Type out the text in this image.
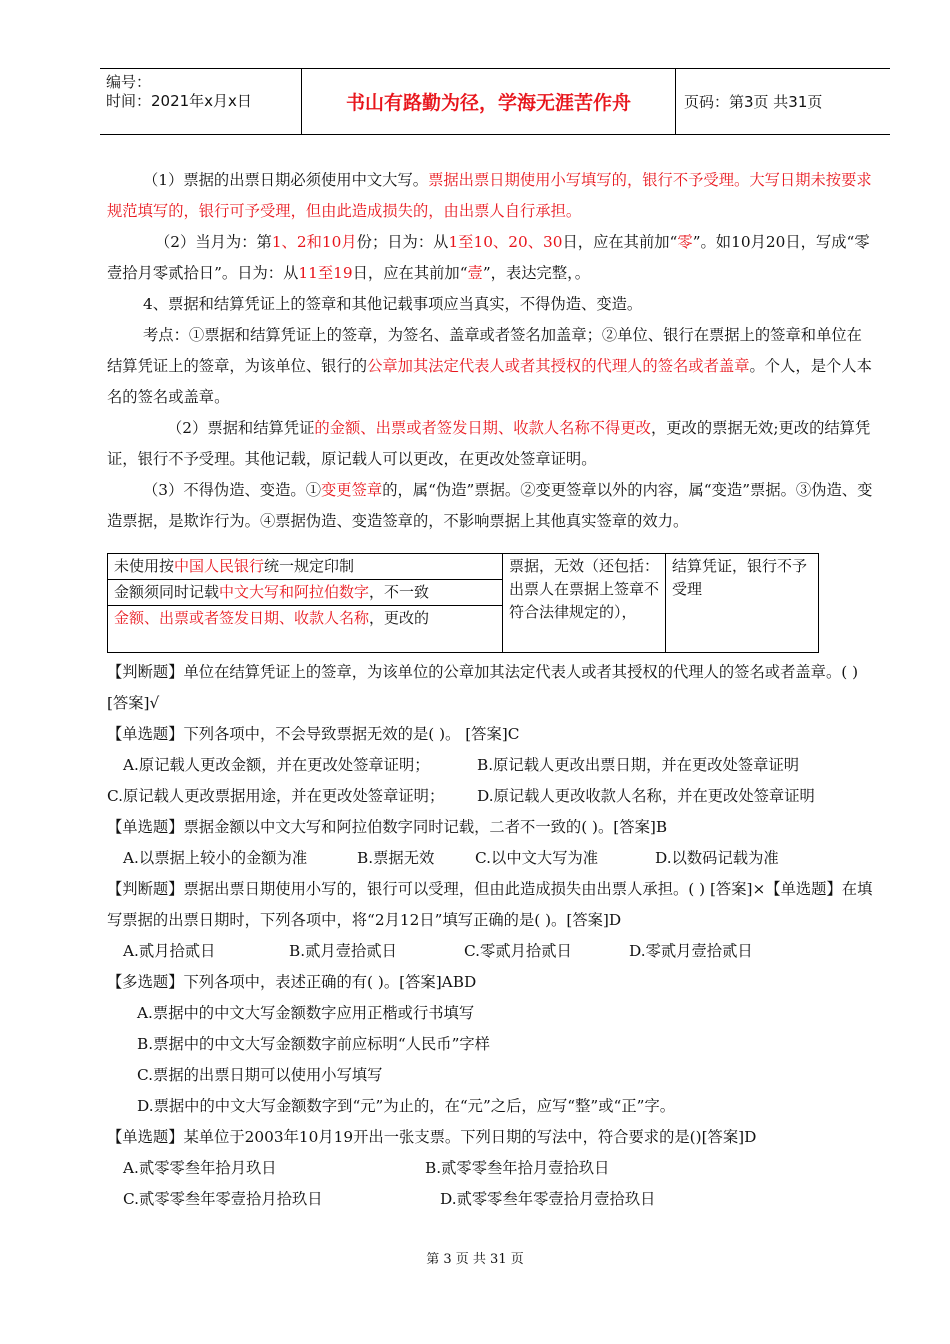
编号：
时间：2021年x月x日	书山有路勤为径，学海无涯苦作舟	页码：第3页 共31页

（1）票据的出票日期必须使用中文大写。票据出票日期使用小写填写的，银行不予受理。大写日期未按要求规范填写的，银行可予受理，但由此造成损失的，由出票人自行承担。

（2）当月为：第1、2和10月份；日为：从1至10、20、30日，应在其前加“零”。如10月20日，写成“零壹拾月零贰拾日”。日为：从11至19日，应在其前加“壹”，表达完整，。

4、票据和结算凭证上的签章和其他记载事项应当真实，不得伪造、变造。

考点：①票据和结算凭证上的签章，为签名、盖章或者签名加盖章；②单位、银行在票据上的签章和单位在结算凭证上的签章，为该单位、银行的公章加其法定代表人或者其授权的代理人的签名或者盖章。个人，是个人本名的签名或盖章。

（2）票据和结算凭证的金额、出票或者签发日期、收款人名称不得更改，更改的票据无效;更改的结算凭证，银行不予受理。其他记载，原记载人可以更改，在更改处签章证明。

（3）不得伪造、变造。①变更签章的，属“伪造”票据。②变更签章以外的内容，属“变造”票据。③伪造、变造票据，是欺诈行为。④票据伪造、变造签章的，不影响票据上其他真实签章的效力。

未使用按中国人民银行统一规定印制	票据，无效（还包括：出票人在票据上签章不符合法律规定的），	结算凭证，银行不予受理
金额须同时记载中文大写和阿拉伯数字，不一致
金额、出票或者签发日期、收款人名称，更改的

【判断题】单位在结算凭证上的签章，为该单位的公章加其法定代表人或者其授权的代理人的签名或者盖章。( ) [答案]√

【单选题】下列各项中，不会导致票据无效的是( )。 [答案]C

A.原记载人更改金额，并在更改处签章证明；	B.原记载人更改出票日期，并在更改处签章证明
C.原记载人更改票据用途，并在更改处签章证明；	D.原记载人更改收款人名称，并在更改处签章证明

【单选题】票据金额以中文大写和阿拉伯数字同时记载，二者不一致的( )。[答案]B

A.以票据上较小的金额为准	B.票据无效	C.以中文大写为准	D.以数码记载为准

【判断题】票据出票日期使用小写的，银行可以受理，但由此造成损失由出票人承担。( ) [答案]×【单选题】在填写票据的出票日期时，下列各项中，将“2月12日”填写正确的是( )。[答案]D

A.贰月拾贰日	B.贰月壹拾贰日	C.零贰月拾贰日	D.零贰月壹拾贰日

【多选题】下列各项中，表述正确的有( )。[答案]ABD

A.票据中的中文大写金额数字应用正楷或行书填写

B.票据中的中文大写金额数字前应标明“人民币”字样

C.票据的出票日期可以使用小写填写

D.票据中的中文大写金额数字到“元”为止的，在“元”之后，应写“整”或“正”字。

【单选题】某单位于2003年10月19开出一张支票。下列日期的写法中，符合要求的是()[答案]D

A.贰零零叁年拾月玖日	B.贰零零叁年拾月壹拾玖日
C.贰零零叁年零壹拾月拾玖日	D.贰零零叁年零壹拾月壹拾玖日
第 3 页 共 31 页
